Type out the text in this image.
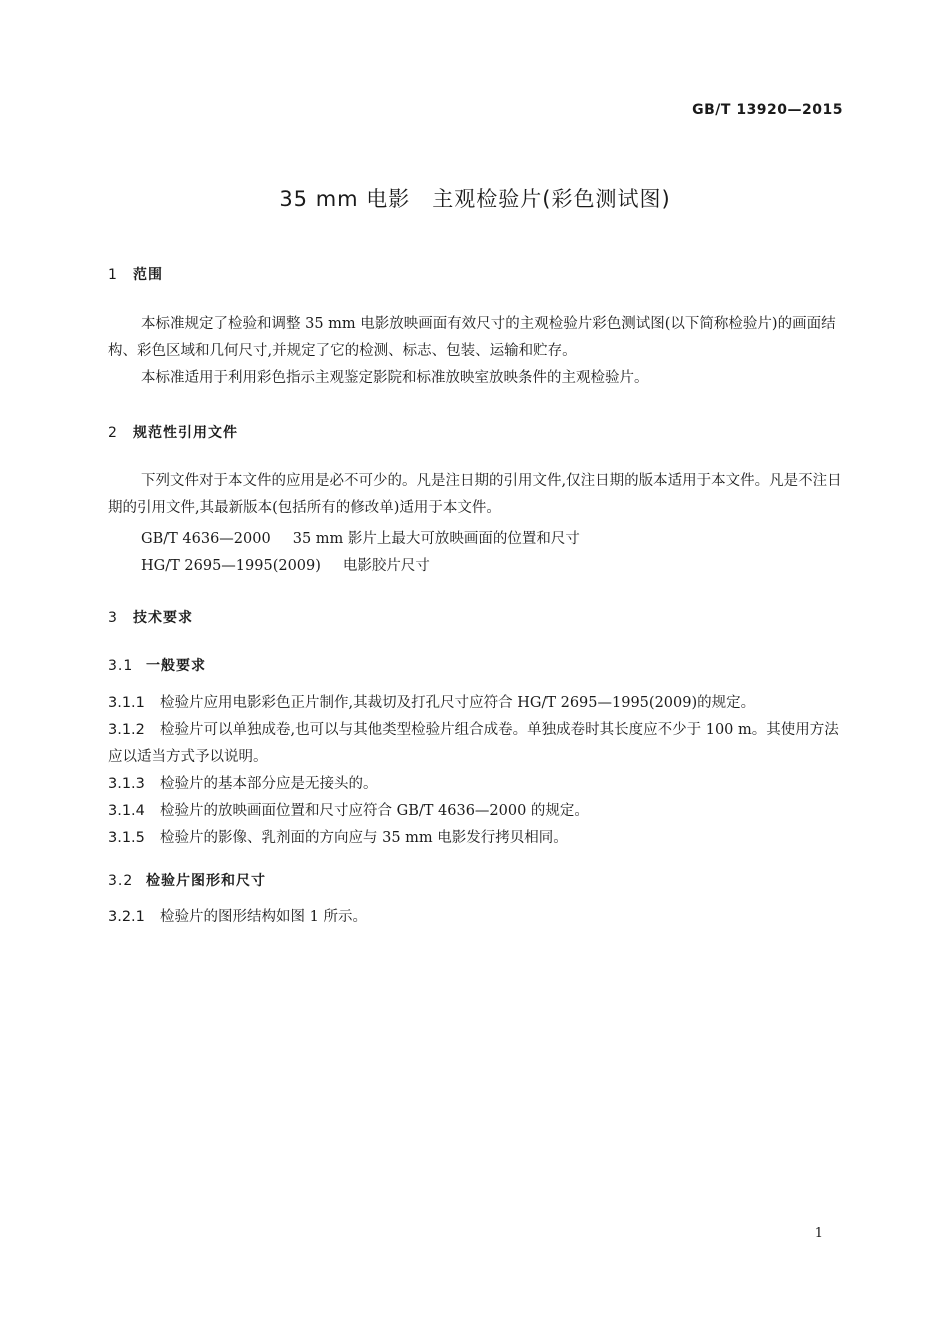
GB/T 13920—2015
35 mm 电影　主观检验片(彩色测试图)
1 范围
本标准规定了检验和调整 35 mm 电影放映画面有效尺寸的主观检验片彩色测试图(以下简称检验片)的画面结构、彩色区域和几何尺寸,并规定了它的检测、标志、包装、运输和贮存。
本标准适用于利用彩色指示主观鉴定影院和标准放映室放映条件的主观检验片。
2 规范性引用文件
下列文件对于本文件的应用是必不可少的。凡是注日期的引用文件,仅注日期的版本适用于本文件。凡是不注日期的引用文件,其最新版本(包括所有的修改单)适用于本文件。
GB/T 4636—2000 35 mm 影片上最大可放映画面的位置和尺寸
HG/T 2695—1995(2009) 电影胶片尺寸
3 技术要求
3.1 一般要求
3.1.1 检验片应用电影彩色正片制作,其裁切及打孔尺寸应符合 HG/T 2695—1995(2009)的规定。
3.1.2 检验片可以单独成卷,也可以与其他类型检验片组合成卷。单独成卷时其长度应不少于 100 m。其使用方法应以适当方式予以说明。
3.1.3 检验片的基本部分应是无接头的。
3.1.4 检验片的放映画面位置和尺寸应符合 GB/T 4636—2000 的规定。
3.1.5 检验片的影像、乳剂面的方向应与 35 mm 电影发行拷贝相同。
3.2 检验片图形和尺寸
3.2.1 检验片的图形结构如图 1 所示。
1
